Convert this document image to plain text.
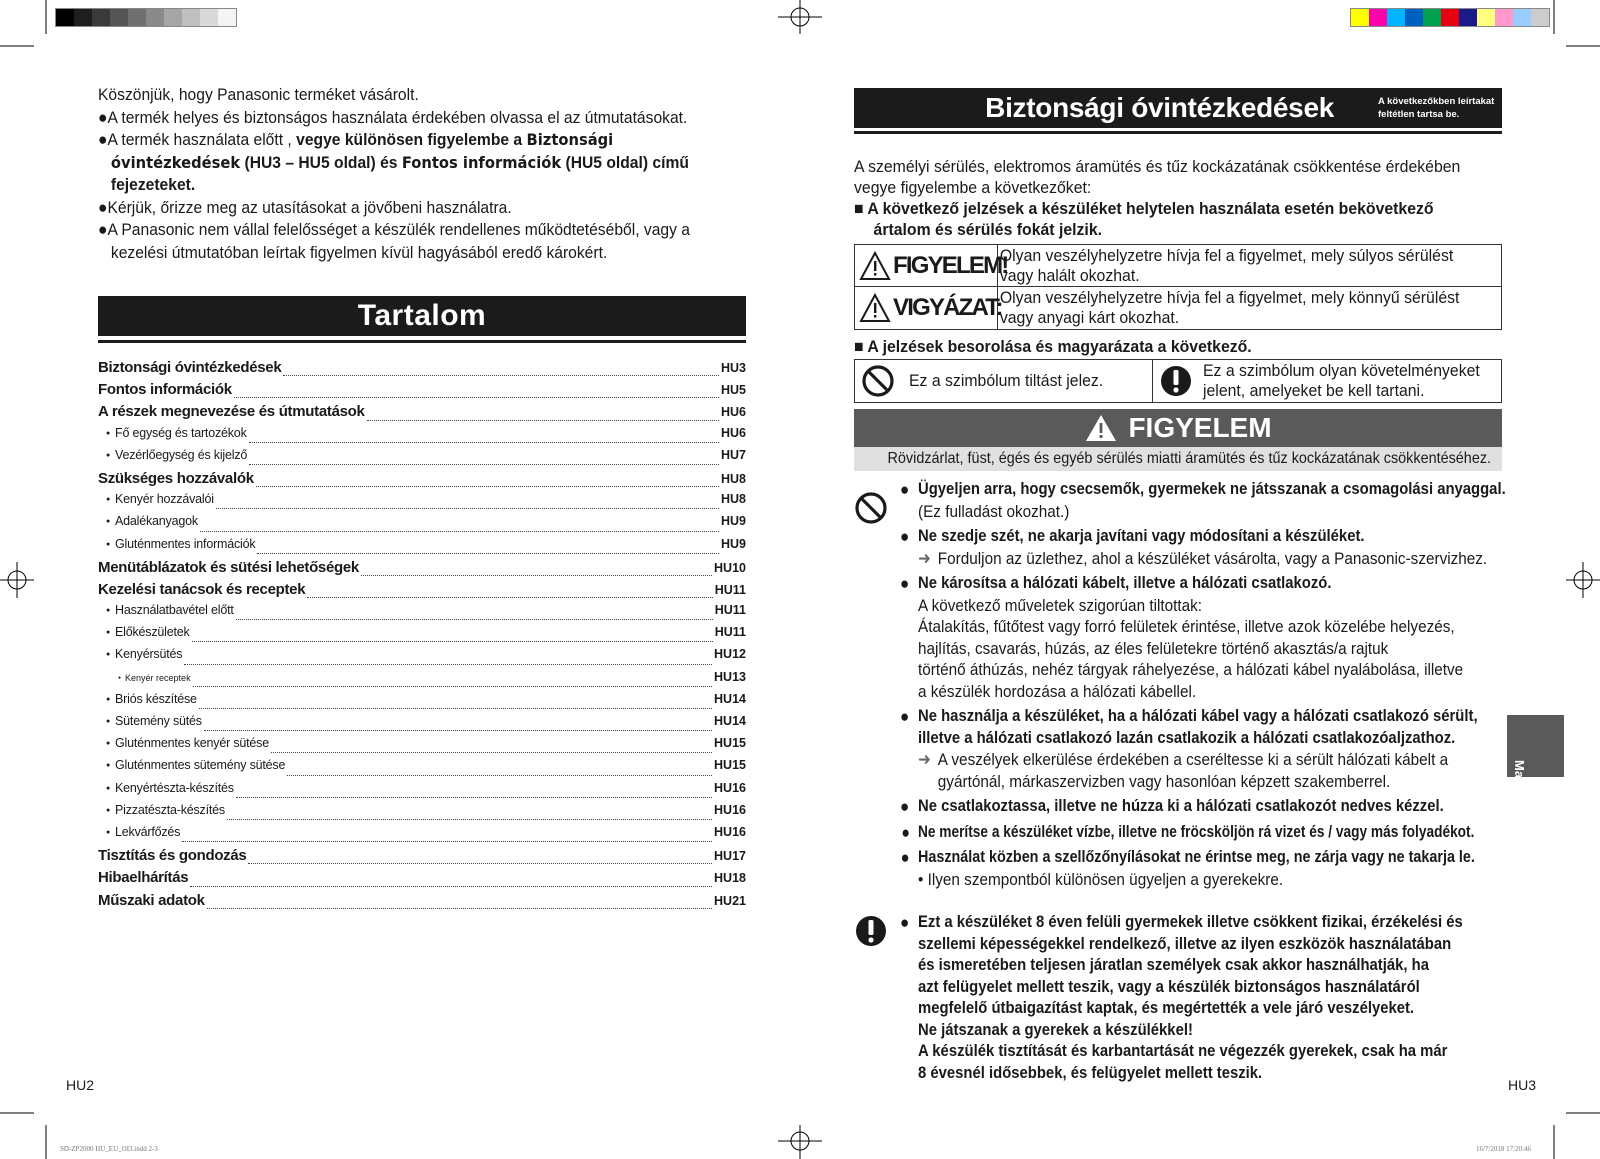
SD-ZP2000 HU_EU_OI3.indd 2-3	16/7/2018 17:20:46

Köszönjük, hogy Panasonic terméket vásárolt.

●A termék helyes és biztonságos használata érdekében olvassa el az útmutatásokat.

●A termék használata előtt , vegye különösen figyelembe a Biztonsági

óvintézkedések (HU3 – HU5 oldal) és Fontos információk (HU5 oldal) című

fejezeteket.

●Kérjük, őrizze meg az utasításokat a jövőbeni használatra.

●A Panasonic nem vállal felelősséget a készülék rendellenes működtetéséből, vagy a

kezelési útmutatóban leírtak figyelmen kívül hagyásából eredő károkért.

Tartalom
Biztonsági óvintézkedések	HU3
Fontos információk	HU5
A részek megnevezése és útmutatások	HU6
● Fő egység és tartozékok	HU6
● Vezérlőegység és kijelző	HU7
Szükséges hozzávalók	HU8
● Kenyér hozzávalói	HU8
● Adalékanyagok	HU9
● Gluténmentes információk	HU9
Menütáblázatok és sütési lehetőségek	HU10
Kezelési tanácsok és receptek	HU11
● Használatbavétel előtt	HU11
● Előkészületek	HU11
● Kenyérsütés	HU12
● Kenyér receptek	HU13
● Briós készítése	HU14
● Sütemény sütés	HU14
● Gluténmentes kenyér sütése	HU15
● Gluténmentes sütemény sütése	HU15
● Kenyértészta-készítés	HU16
● Pizzatészta-készítés	HU16
● Lekvárfőzés	HU16
Tisztítás és gondozás	HU17
Hibaelhárítás	HU18
Műszaki adatok	HU21
HU2
Biztonsági óvintézkedések	A következőkben leírtakat
feltétlen tartsa be.
A személyi sérülés, elektromos áramütés és tűz kockázatának csökkentése érdekében
vegye figyelembe a következőket:
■ A következő jelzések a készüléket helytelen használata esetén bekövetkező
ártalom és sérülés fokát jelzik.
FIGYELEM!
Olyan veszélyhelyzetre hívja fel a figyelmet, mely súlyos sérülést
vagy halált okozhat.
VIGYÁZAT:
Olyan veszélyhelyzetre hívja fel a figyelmet, mely könnyű sérülést
vagy anyagi kárt okozhat.
■ A jelzések besorolása és magyarázata a következő.
Ez a szimbólum tiltást jelez.
Ez a szimbólum olyan követelményeket
jelent, amelyeket be kell tartani.
FIGYELEM
Rövidzárlat, füst, égés és egyéb sérülés miatti áramütés és tűz kockázatának csökkentéséhez.
● Ügyeljen arra, hogy csecsemők, gyermekek ne játsszanak a csomagolási anyaggal.
(Ez fulladást okozhat.)
● Ne szedje szét, ne akarja javítani vagy módosítani a készüléket.
➜ Forduljon az üzlethez, ahol a készüléket vásárolta, vagy a Panasonic-szervizhez.
● Ne károsítsa a hálózati kábelt, illetve a hálózati csatlakozó.
A következő műveletek szigorúan tiltottak:
Átalakítás, fűtőtest vagy forró felületek érintése, illetve azok közelébe helyezés,
hajlítás, csavarás, húzás, az éles felületekre történő akasztás/a rajtuk
történő áthúzás, nehéz tárgyak ráhelyezése, a hálózati kábel nyalábolása, illetve
a készülék hordozása a hálózati kábellel.
● Ne használja a készüléket, ha a hálózati kábel vagy a hálózati csatlakozó sérült,
illetve a hálózati csatlakozó lazán csatlakozik a hálózati csatlakozóaljzathoz.
➜ A veszélyek elkerülése érdekében a cseréltesse ki a sérült hálózati kábelt a
gyártónál, márkaszervizben vagy hasonlóan képzett szakemberrel.
● Ne csatlakoztassa, illetve ne húzza ki a hálózati csatlakozót nedves kézzel.
● Ne merítse a készüléket vízbe, illetve ne fröcsköljön rá vizet és / vagy más folyadékot.
● Használat közben a szellőzőnyílásokat ne érintse meg, ne zárja vagy ne takarja le.
• Ilyen szempontból különösen ügyeljen a gyerekekre.
● Ezt a készüléket 8 éven felüli gyermekek illetve csökkent fizikai, érzékelési és
szellemi képességekkel rendelkező, illetve az ilyen eszközök használatában
és ismeretében teljesen járatlan személyek csak akkor használhatják, ha
azt felügyelet mellett teszik, vagy a készülék biztonságos használatáról
megfelelő útbaigazítást kaptak, és megértették a vele járó veszélyeket.
Ne játszanak a gyerekek a készülékkel!
A készülék tisztítását és karbantartását ne végezzék gyerekek, csak ha már
8 évesnél idősebbek, és felügyelet mellett teszik.
Magyar
HU3
